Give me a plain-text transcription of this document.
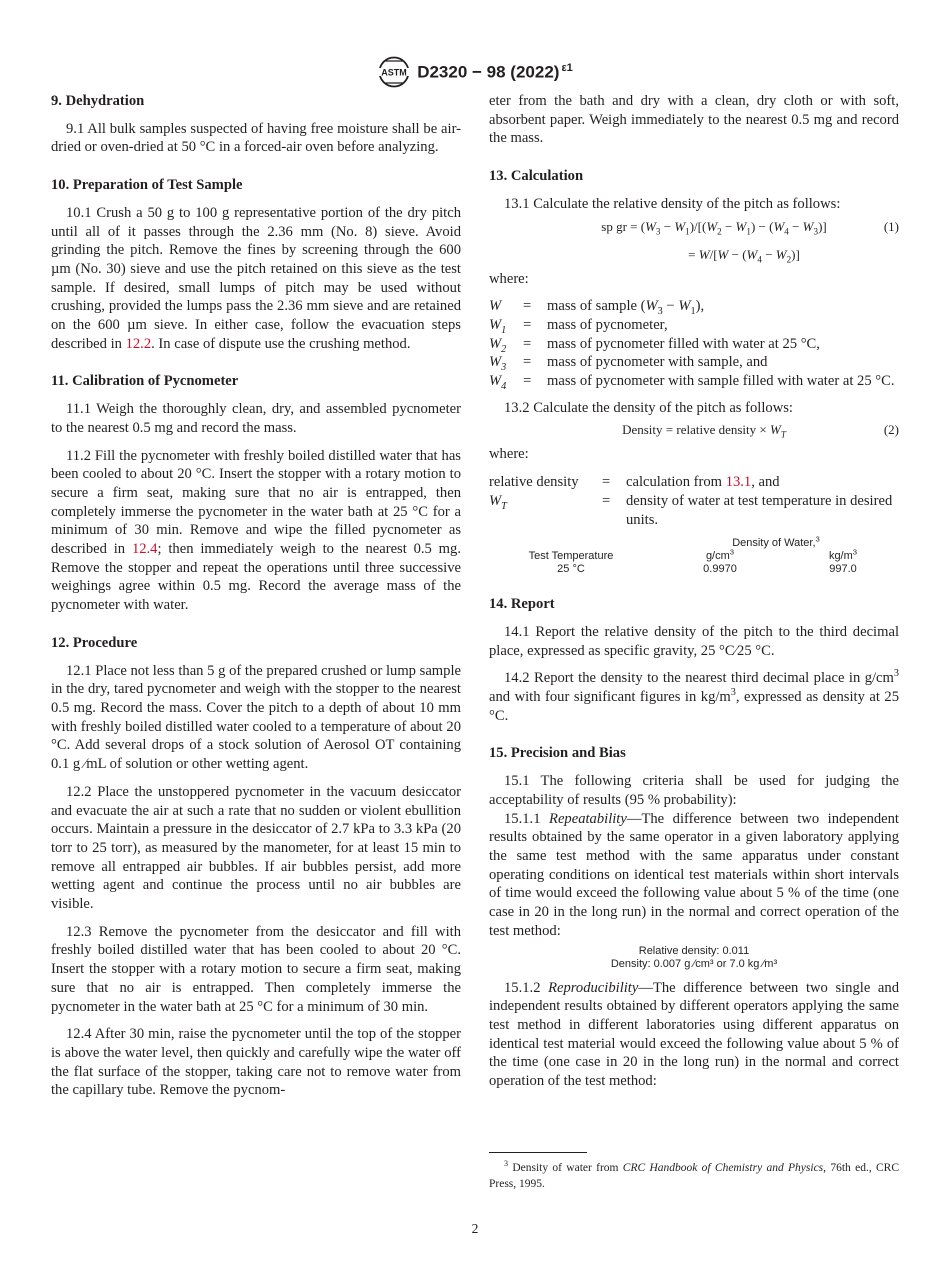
ASTM D2320 − 98 (2022) $^{\varepsilon 1}$
9. Dehydration

9.1 All bulk samples suspected of having free moisture shall be air-dried or oven-dried at 50 °C in a forced-air oven before analyzing.

10. Preparation of Test Sample

10.1 Crush a 50 g to 100 g representative portion of the dry pitch until all of it passes through the 2.36 mm (No. 8) sieve. Avoid grinding the pitch. Remove the fines by screening through the 600 µm (No. 30) sieve and use the pitch retained on this sieve as the test sample. If desired, small lumps of pitch may be used without crushing, provided the lumps pass the 2.36 mm sieve and are retained on the 600 µm sieve. In either case, follow the evacuation steps described in 12.2. In case of dispute use the crushing method.

11. Calibration of Pycnometer

11.1 Weigh the thoroughly clean, dry, and assembled pycnometer to the nearest 0.5 mg and record the mass.

11.2 Fill the pycnometer with freshly boiled distilled water that has been cooled to about 20 °C. Insert the stopper with a rotary motion to secure a firm seat, making sure that no air is entrapped, then completely immerse the pycnometer in the water bath at 25 °C for a minimum of 30 min. Remove and wipe the filled pycnometer as described in 12.4; then immediately weigh to the nearest 0.5 mg. Remove the stopper and repeat the operations until three successive weighings agree within 0.5 mg. Record the average mass of the pycnometer with water.

12. Procedure

12.1 Place not less than 5 g of the prepared crushed or lump sample in the dry, tared pycnometer and weigh with the stopper to the nearest 0.5 mg. Record the mass. Cover the pitch to a depth of about 10 mm with freshly boiled distilled water cooled to a temperature of about 20 °C. Add several drops of a stock solution of Aerosol OT containing 0.1 g ⁄mL of solution or other wetting agent.

12.2 Place the unstoppered pycnometer in the vacuum desiccator and evacuate the air at such a rate that no sudden or violent ebullition occurs. Maintain a pressure in the desiccator of 2.7 kPa to 3.3 kPa (20 torr to 25 torr), as measured by the manometer, for at least 15 min to remove all entrapped air bubbles. If air bubbles persist, add more wetting agent and continue the process until no air bubbles are visible.

12.3 Remove the pycnometer from the desiccator and fill with freshly boiled distilled water that has been cooled to about 20 °C. Insert the stopper with a rotary motion to secure a firm seat, making sure that no air is entrapped. Then completely immerse the pycnometer in the water bath at 25 °C for a minimum of 30 min.

12.4 After 30 min, raise the pycnometer until the top of the stopper is above the water level, then quickly and carefully wipe the water off the flat surface of the stopper, taking care not to remove water from the capillary tube. Remove the pycnom-

eter from the bath and dry with a clean, dry cloth or with soft, absorbent paper. Weigh immediately to the nearest 0.5 mg and record the mass.

13. Calculation

13.1 Calculate the relative density of the pitch as follows:

sp gr = $(W_3 - W_1)/[(W_2 - W_1) - (W_4 - W_3)]$	(1)
= $W/[W - (W_4 - W_2)]$

where:

W	=	mass of sample $(W_3 - W_1)$,
$W_1$	=	mass of pycnometer,
$W_2$	=	mass of pycnometer filled with water at 25 °C,
$W_3$	=	mass of pycnometer with sample, and
$W_4$	=	mass of pycnometer with sample filled with water at 25 °C.

13.2 Calculate the density of the pitch as follows:

Density = relative density × $W_T$	(2)

where:

relative density	=	calculation from 13.1, and
$W_T$	=	density of water at test temperature in desired units.
	Density of Water,$^3$
Test Temperature	$g/cm^3$	$kg/m^3$
25 °C	0.9970	997.0
14. Report

14.1 Report the relative density of the pitch to the third decimal place, expressed as specific gravity, 25 °C⁄25 °C.

14.2 Report the density to the nearest third decimal place in $g/cm^3$ and with four significant figures in $kg/m^3$, expressed as density at 25 °C.

15. Precision and Bias

15.1 The following criteria shall be used for judging the acceptability of results (95 % probability):

15.1.1 Repeatability—The difference between two independent results obtained by the same operator in a given laboratory applying the same test method with the same apparatus under constant operating conditions on identical test materials within short intervals of time would exceed the following value about 5 % of the time (one case in 20 in the long run) in the normal and correct operation of the test method:

Relative density: 0.011
Density: 0.007 g ⁄cm³ or 7.0 kg ⁄m³

15.1.2 Reproducibility—The difference between two single and independent results obtained by different operators applying the same test method in different laboratories using different apparatus on identical test material would exceed the following value about 5 % of the time (one case in 20 in the long run) in the normal and correct operation of the test method:

$^3$ Density of water from CRC Handbook of Chemistry and Physics, 76th ed., CRC Press, 1995.
2
